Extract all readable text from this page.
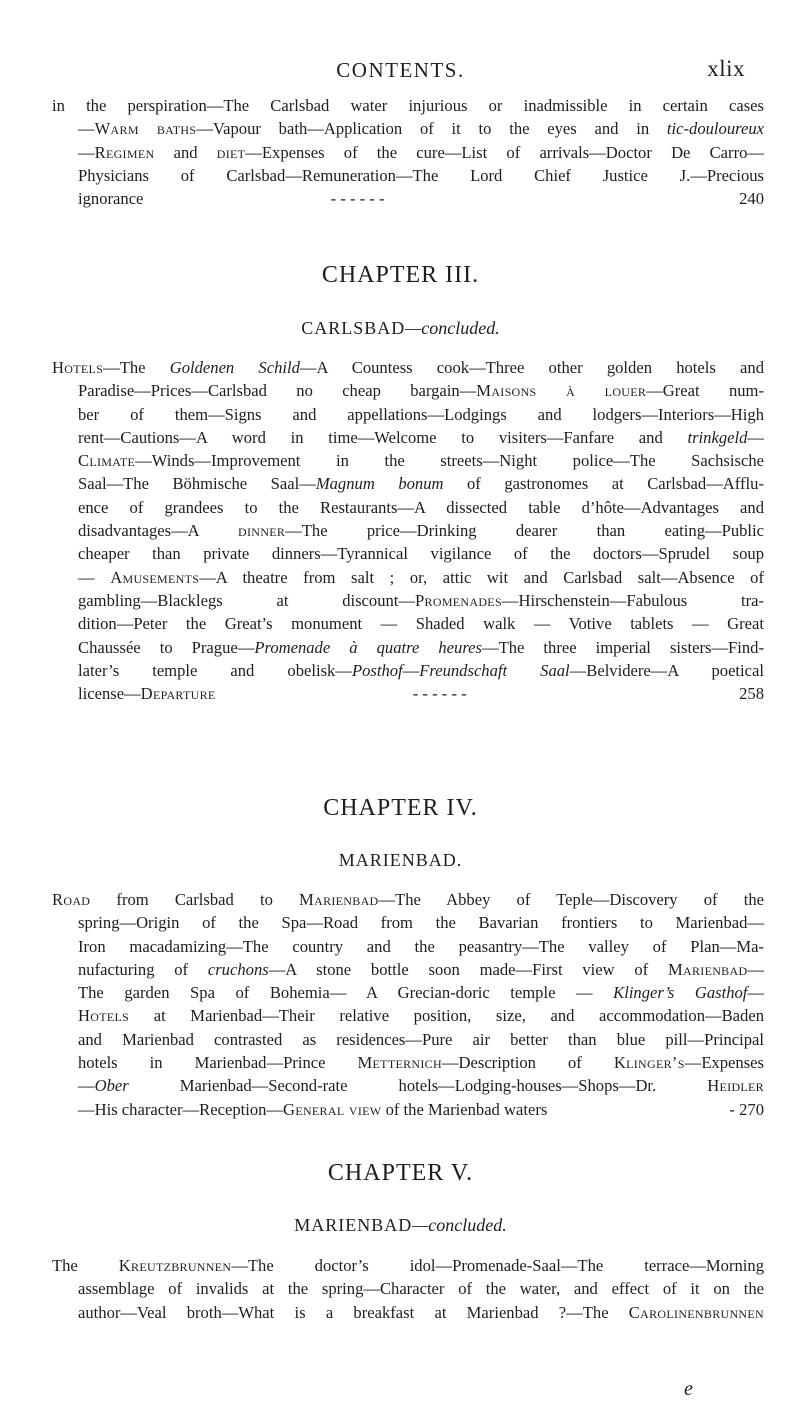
CONTENTS.	xlix
in the perspiration—The Carlsbad water injurious or inadmissible in certain cases
—Warm baths—Vapour bath—Application of it to the eyes and in tic-douloureux
—Regimen and diet—Expenses of the cure—List of arrivals—Doctor De Carro—
Physicians of Carlsbad—Remuneration—The Lord Chief Justice J.—Precious
ignorance	- - - - - -	240
CHAPTER III.
CARLSBAD—concluded.
Hotels—The Goldenen Schild—A Countess cook—Three other golden hotels and
Paradise—Prices—Carlsbad no cheap bargain—Maisons à louer—Great num-
ber of them—Signs and appellations—Lodgings and lodgers—Interiors—High
rent—Cautions—A word in time—Welcome to visiters—Fanfare and trinkgeld—
Climate—Winds—Improvement in the streets—Night police—The Sachsische
Saal—The Böhmische Saal—Magnum bonum of gastronomes at Carlsbad—Afflu-
ence of grandees to the Restaurants—A dissected table d’hôte—Advantages and
disadvantages—A dinner—The price—Drinking dearer than eating—Public
cheaper than private dinners—Tyrannical vigilance of the doctors—Sprudel soup
— Amusements—A theatre from salt ; or, attic wit and Carlsbad salt—Absence of
gambling—Blacklegs at discount—Promenades—Hirschenstein—Fabulous tra-
dition—Peter the Great’s monument — Shaded walk — Votive tablets — Great
Chaussée to Prague—Promenade à quatre heures—The three imperial sisters—Find-
later’s temple and obelisk—Posthof—Freundschaft Saal—Belvidere—A poetical
license—Departure	- - - - - -	258
CHAPTER IV.
MARIENBAD.
Road from Carlsbad to Marienbad—The Abbey of Teple—Discovery of the
spring—Origin of the Spa—Road from the Bavarian frontiers to Marienbad—
Iron macadamizing—The country and the peasantry—The valley of Plan—Ma-
nufacturing of cruchons—A stone bottle soon made—First view of Marienbad—
The garden Spa of Bohemia— A Grecian-doric temple — Klinger’s Gasthof—
Hotels at Marienbad—Their relative position, size, and accommodation—Baden
and Marienbad contrasted as residences—Pure air better than blue pill—Principal
hotels in Marienbad—Prince Metternich—Description of Klinger’s—Expenses
—Ober Marienbad—Second-rate hotels—Lodging-houses—Shops—Dr. Heidler
—His character—Reception—General view of the Marienbad waters	- 270
CHAPTER V.
MARIENBAD—concluded.
The Kreutzbrunnen—The doctor’s idol—Promenade-Saal—The terrace—Morning
assemblage of invalids at the spring—Character of the water, and effect of it on the
author—Veal broth—What is a breakfast at Marienbad ?—The Carolinenbrunnen
e
